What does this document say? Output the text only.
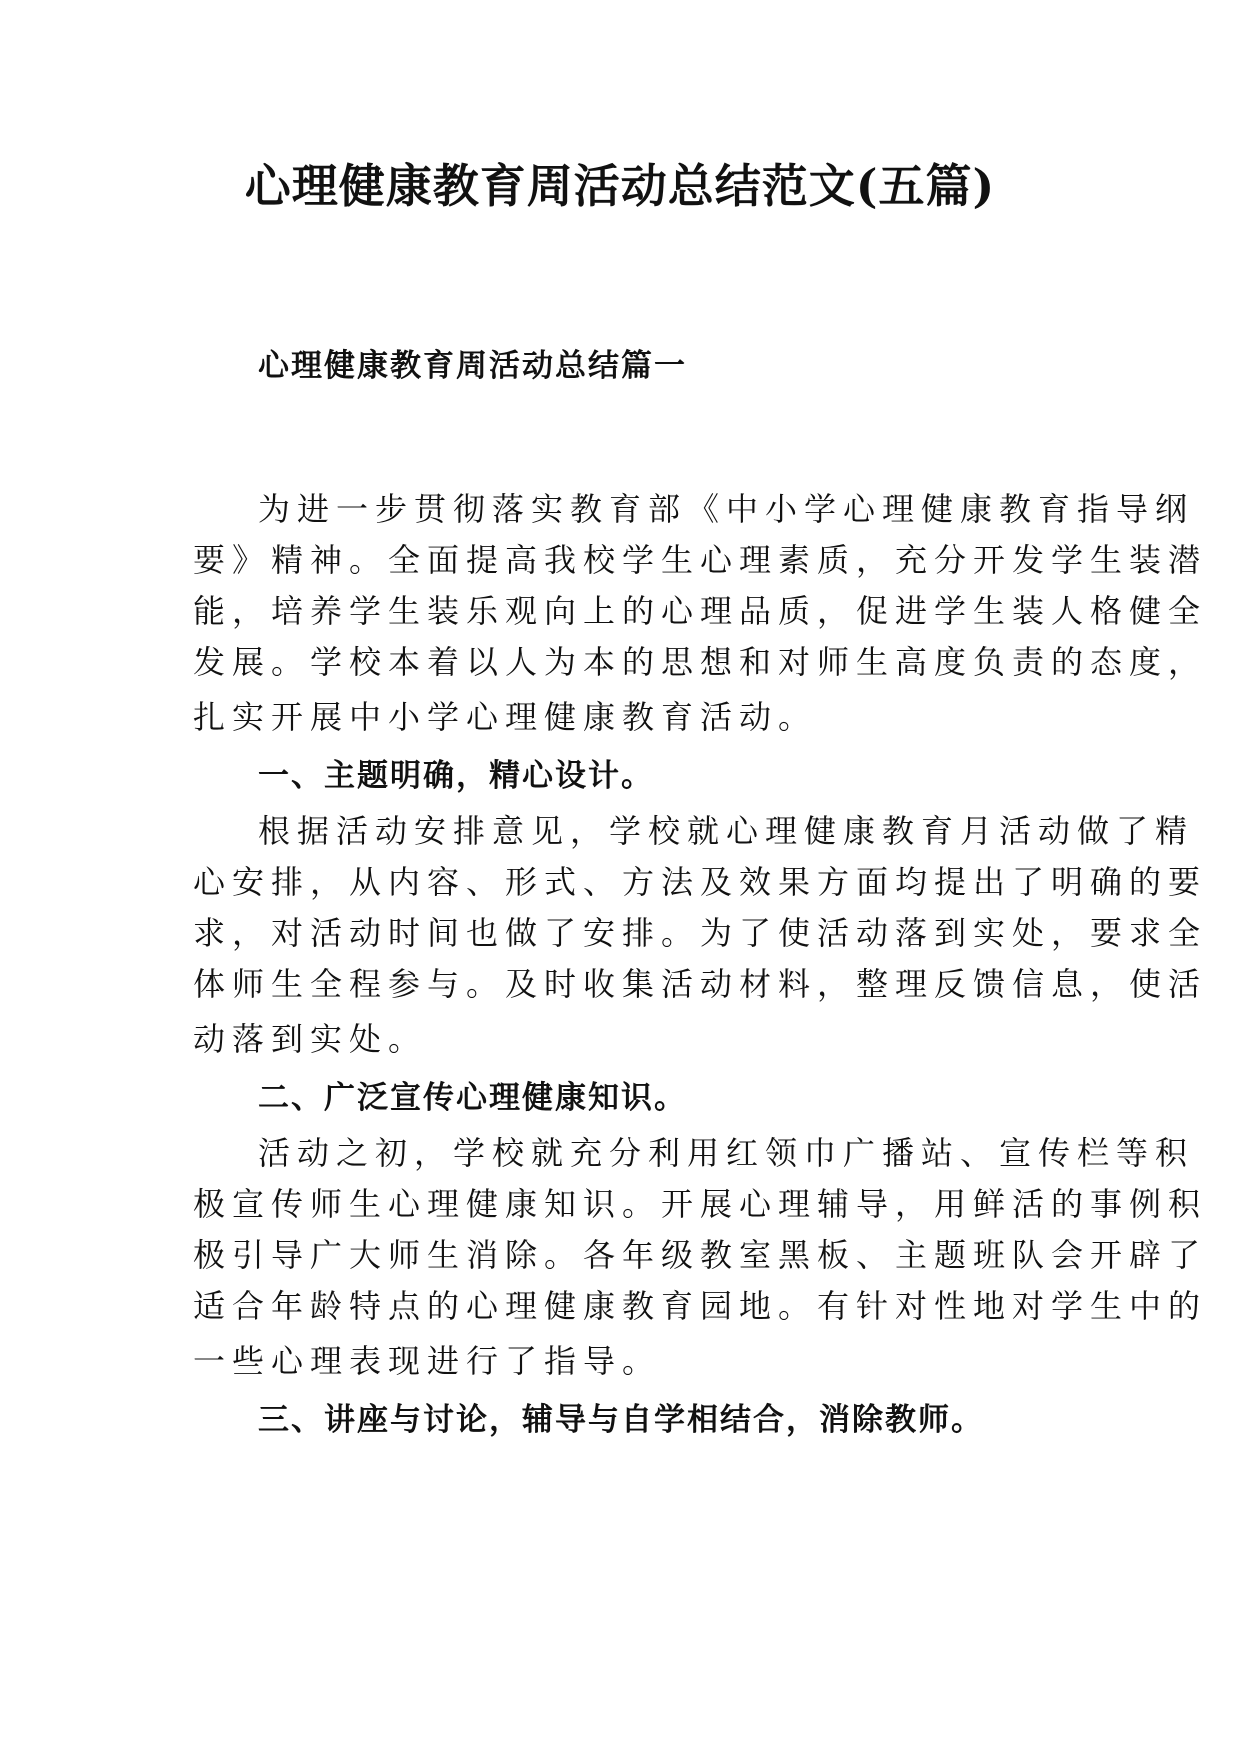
心理健康教育周活动总结范文(五篇)
心理健康教育周活动总结篇一
为进一步贯彻落实教育部《中小学心理健康教育指导纲
要》精神。全面提高我校学生心理素质，充分开发学生装潜
能，培养学生装乐观向上的心理品质，促进学生装人格健全
发展。学校本着以人为本的思想和对师生高度负责的态度，
扎实开展中小学心理健康教育活动。
一、主题明确，精心设计。
根据活动安排意见，学校就心理健康教育月活动做了精
心安排，从内容、形式、方法及效果方面均提出了明确的要
求，对活动时间也做了安排。为了使活动落到实处，要求全
体师生全程参与。及时收集活动材料，整理反馈信息，使活
动落到实处。
二、广泛宣传心理健康知识。
活动之初，学校就充分利用红领巾广播站、宣传栏等积
极宣传师生心理健康知识。开展心理辅导，用鲜活的事例积
极引导广大师生消除。各年级教室黑板、主题班队会开辟了
适合年龄特点的心理健康教育园地。有针对性地对学生中的
一些心理表现进行了指导。
三、讲座与讨论，辅导与自学相结合，消除教师。
